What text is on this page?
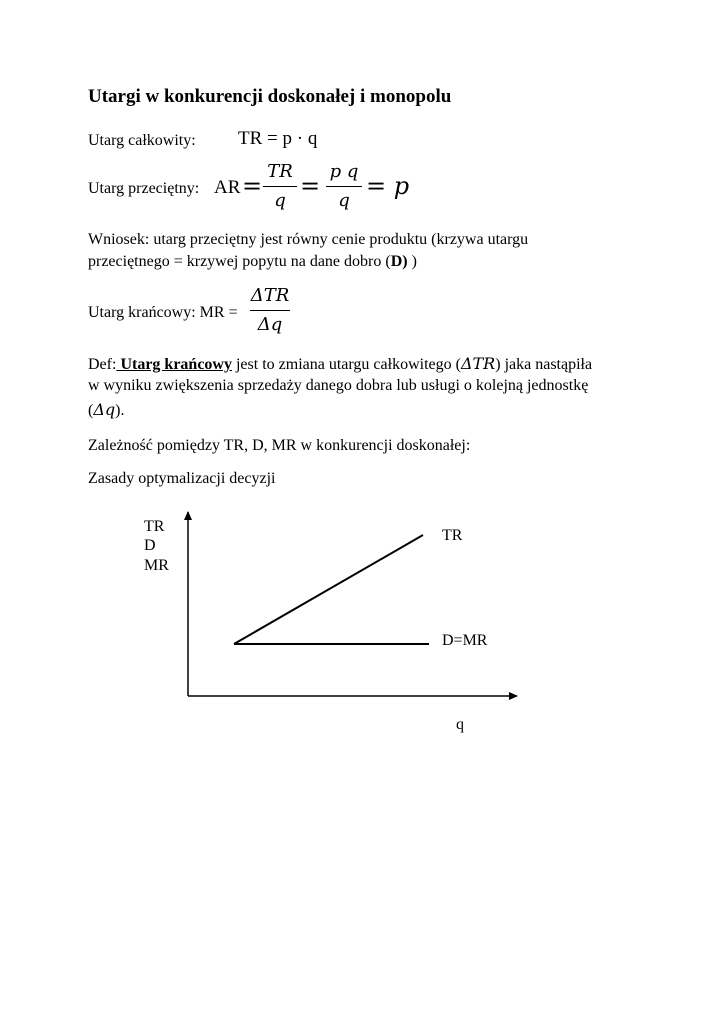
Utargi w konkurencji doskonałej i monopolu
Utarg całkowity: TR = p · q
Utarg przeciętny: AR =
TR
q
=
p q
q
= p
Wniosek: utarg przeciętny jest równy cenie produktu (krzywa utargu
przeciętnego = krzywej popytu na dane dobro (D) )
Utarg krańcowy: MR =
ΔTR
Δq
Def: Utarg krańcowy jest to zmiana utargu całkowitego (ΔTR) jaka nastąpiła
w wyniku zwiększenia sprzedaży danego dobra lub usługi o kolejną jednostkę
(Δq).
Zależność pomiędzy TR, D, MR w konkurencji doskonałej:
Zasady optymalizacji decyzji
TR
D
MR
q
TR
D=MR
